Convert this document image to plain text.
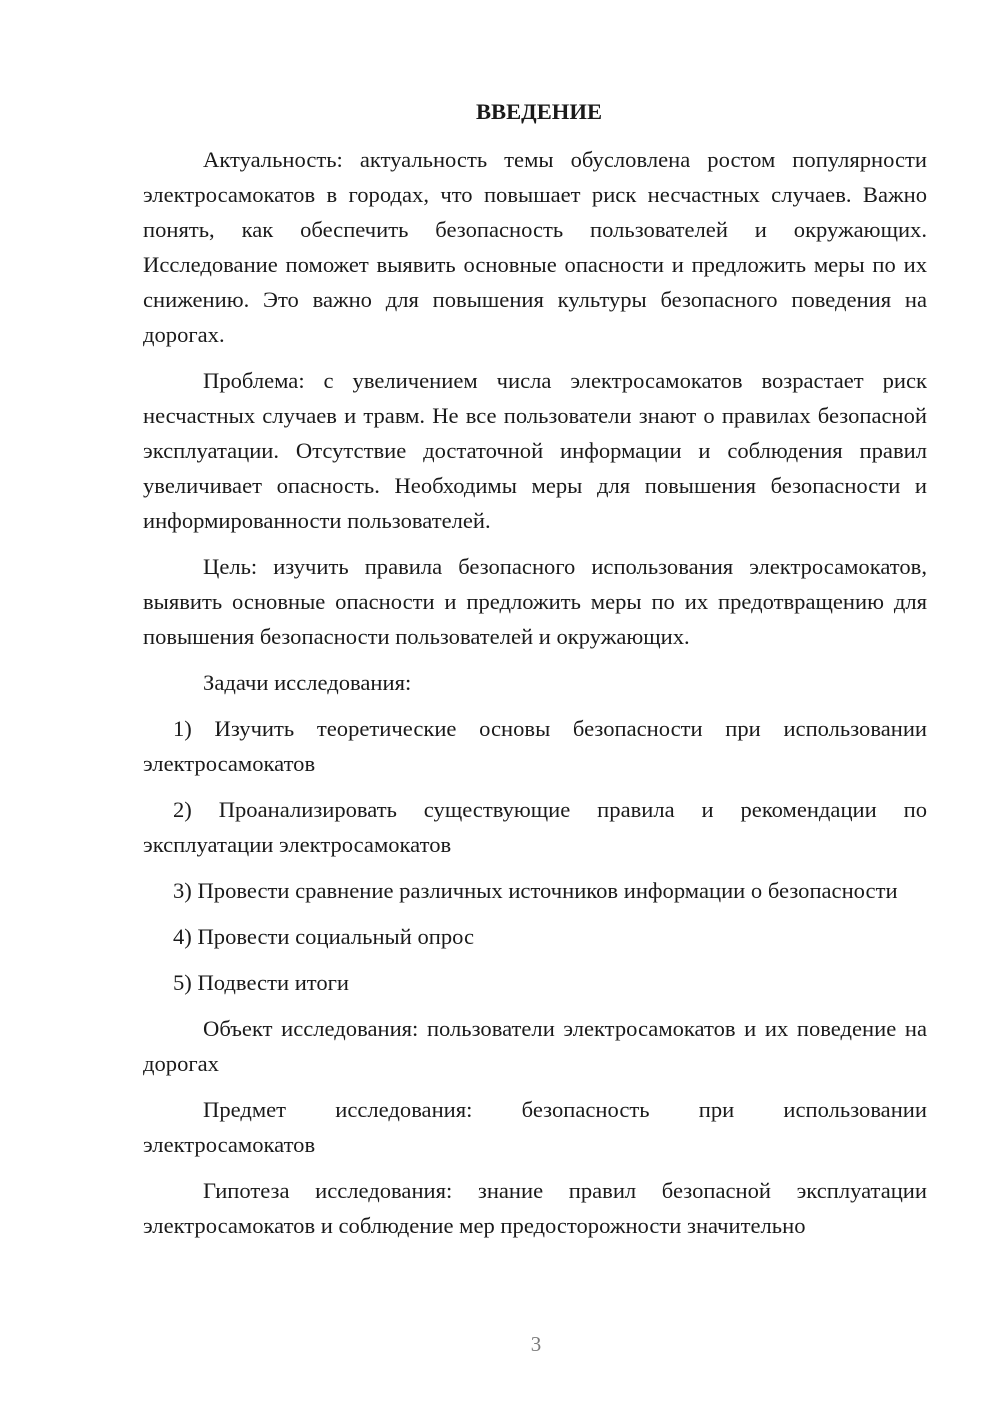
ВВЕДЕНИЕ

Актуальность: актуальность темы обусловлена ростом популярности электросамокатов в городах, что повышает риск несчастных случаев. Важно понять, как обеспечить безопасность пользователей и окружающих. Исследование поможет выявить основные опасности и предложить меры по их снижению. Это важно для повышения культуры безопасного поведения на дорогах.

Проблема: с увеличением числа электросамокатов возрастает риск несчастных случаев и травм. Не все пользователи знают о правилах безопасной эксплуатации. Отсутствие достаточной информации и соблюдения правил увеличивает опасность. Необходимы меры для повышения безопасности и информированности пользователей.

Цель: изучить правила безопасного использования электросамокатов, выявить основные опасности и предложить меры по их предотвращению для повышения безопасности пользователей и окружающих.

Задачи исследования:

1) Изучить теоретические основы безопасности при использовании электросамокатов

2) Проанализировать существующие правила и рекомендации по эксплуатации электросамокатов

3) Провести сравнение различных источников информации о безопасности

4) Провести социальный опрос

5) Подвести итоги

Объект исследования: пользователи электросамокатов и их поведение на дорогах

Предмет исследования: безопасность при использовании электросамокатов

Гипотеза исследования: знание правил безопасной эксплуатации электросамокатов и соблюдение мер предосторожности значительно

3
